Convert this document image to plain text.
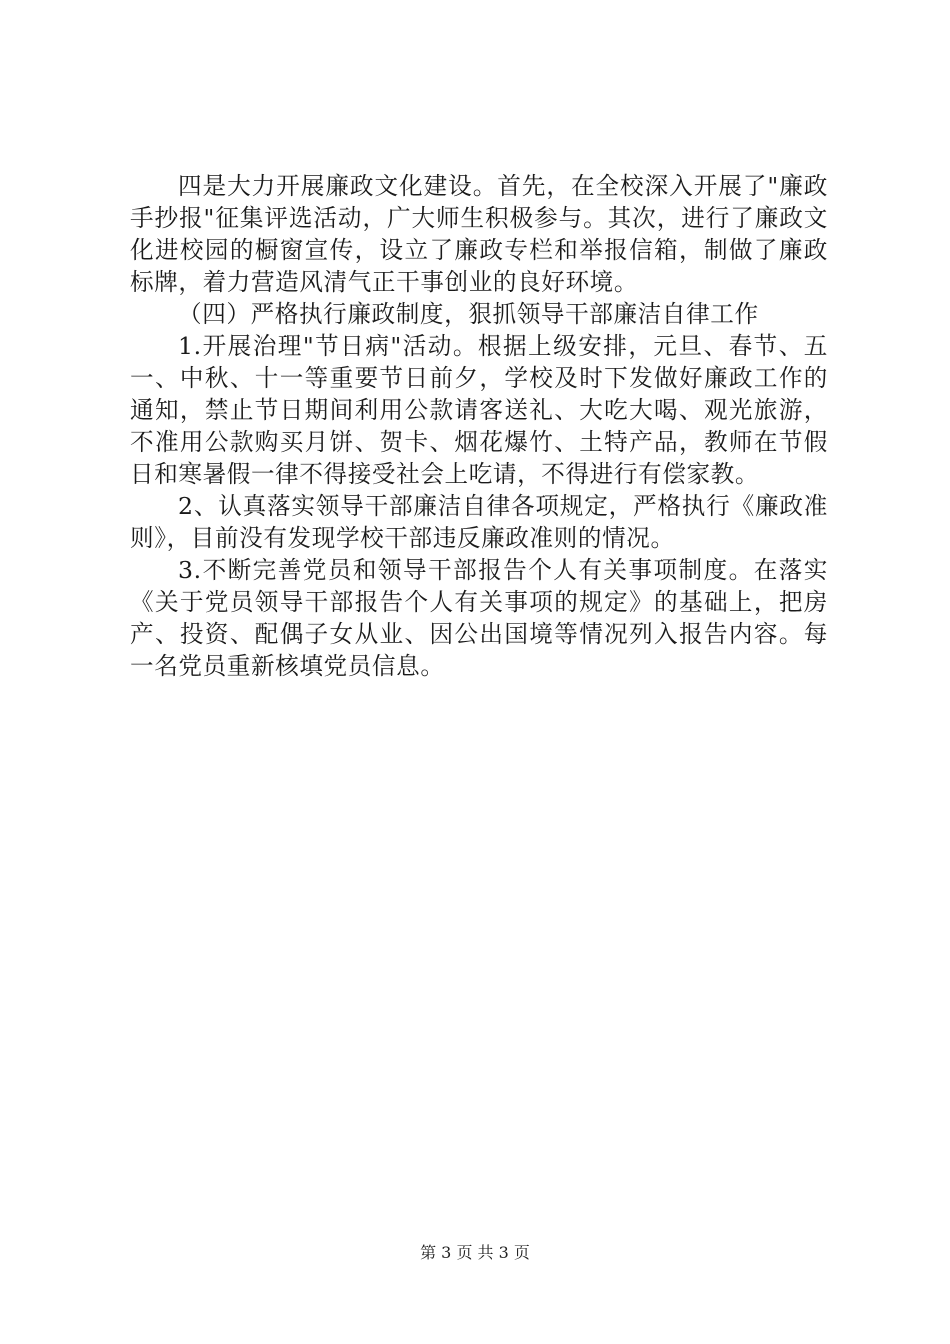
四是大力开展廉政文化建设。首先，在全校深入开展了"廉政手抄报"征集评选活动，广大师生积极参与。其次，进行了廉政文化进校园的橱窗宣传，设立了廉政专栏和举报信箱，制做了廉政标牌，着力营造风清气正干事创业的良好环境。

（四）严格执行廉政制度，狠抓领导干部廉洁自律工作

1.开展治理"节日病"活动。根据上级安排，元旦、春节、五一、中秋、十一等重要节日前夕，学校及时下发做好廉政工作的通知，禁止节日期间利用公款请客送礼、大吃大喝、观光旅游，不准用公款购买月饼、贺卡、烟花爆竹、土特产品，教师在节假日和寒暑假一律不得接受社会上吃请，不得进行有偿家教。

2、认真落实领导干部廉洁自律各项规定，严格执行《廉政准则》，目前没有发现学校干部违反廉政准则的情况。

3.不断完善党员和领导干部报告个人有关事项制度。在落实《关于党员领导干部报告个人有关事项的规定》的基础上，把房产、投资、配偶子女从业、因公出国境等情况列入报告内容。每一名党员重新核填党员信息。

第 3 页 共 3 页
